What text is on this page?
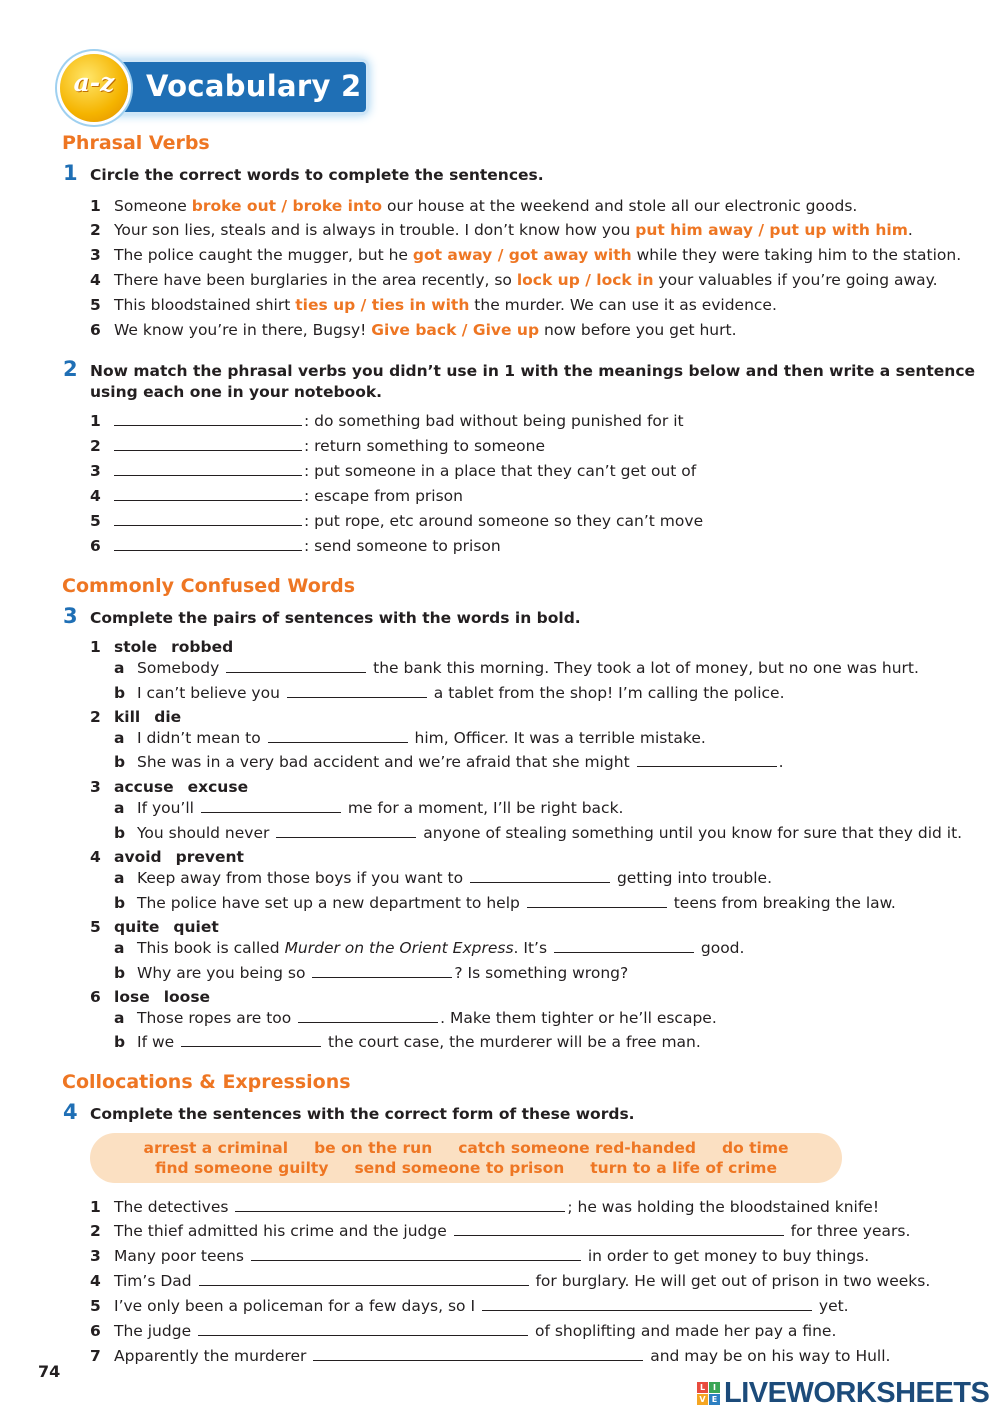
Vocabulary 2
a-z
Phrasal Verbs
1 Circle the correct words to complete the sentences.
1 Someone broke out / broke into our house at the weekend and stole all our electronic goods.
2 Your son lies, steals and is always in trouble. I don’t know how you put him away / put up with him.
3 The police caught the mugger, but he got away / got away with while they were taking him to the station.
4 There have been burglaries in the area recently, so lock up / lock in your valuables if you’re going away.
5 This bloodstained shirt ties up / ties in with the murder. We can use it as evidence.
6 We know you’re in there, Bugsy! Give back / Give up now before you get hurt.
2 Now match the phrasal verbs you didn’t use in 1 with the meanings below and then write a sentence
using each one in your notebook.
1	: do something bad without being punished for it
2	: return something to someone
3	: put someone in a place that they can’t get out of
4	: escape from prison
5	: put rope, etc around someone so they can’t move
6	: send someone to prison
Commonly Confused Words
3 Complete the pairs of sentences with the words in bold.
1 stole robbed
a Somebody	the bank this morning. They took a lot of money, but no one was hurt.
b I can’t believe you	a tablet from the shop! I’m calling the police.
2 kill die
a I didn’t mean to	him, Officer. It was a terrible mistake.
b She was in a very bad accident and we’re afraid that she might	.
3 accuse excuse
a If you’ll	me for a moment, I’ll be right back.
b You should never	anyone of stealing something until you know for sure that they did it.
4 avoid prevent
a Keep away from those boys if you want to	getting into trouble.
b The police have set up a new department to help	teens from breaking the law.
5 quite quiet
a This book is called Murder on the Orient Express. It’s	good.
b Why are you being so	? Is something wrong?
6 lose loose
a Those ropes are too	. Make them tighter or he’ll escape.
b If we	the court case, the murderer will be a free man.
Collocations & Expressions
4 Complete the sentences with the correct form of these words.
arrest a criminal be on the run catch someone red-handed do time
find someone guilty send someone to prison turn to a life of crime
1 The detectives	; he was holding the bloodstained knife!
2 The thief admitted his crime and the judge	for three years.
3 Many poor teens	in order to get money to buy things.
4 Tim’s Dad	for burglary. He will get out of prison in two weeks.
5 I’ve only been a policeman for a few days, so I	yet.
6 The judge	of shoplifting and made her pay a fine.
7 Apparently the murderer	and may be on his way to Hull.
74
L I
V E LIVEWORKSHEETS
